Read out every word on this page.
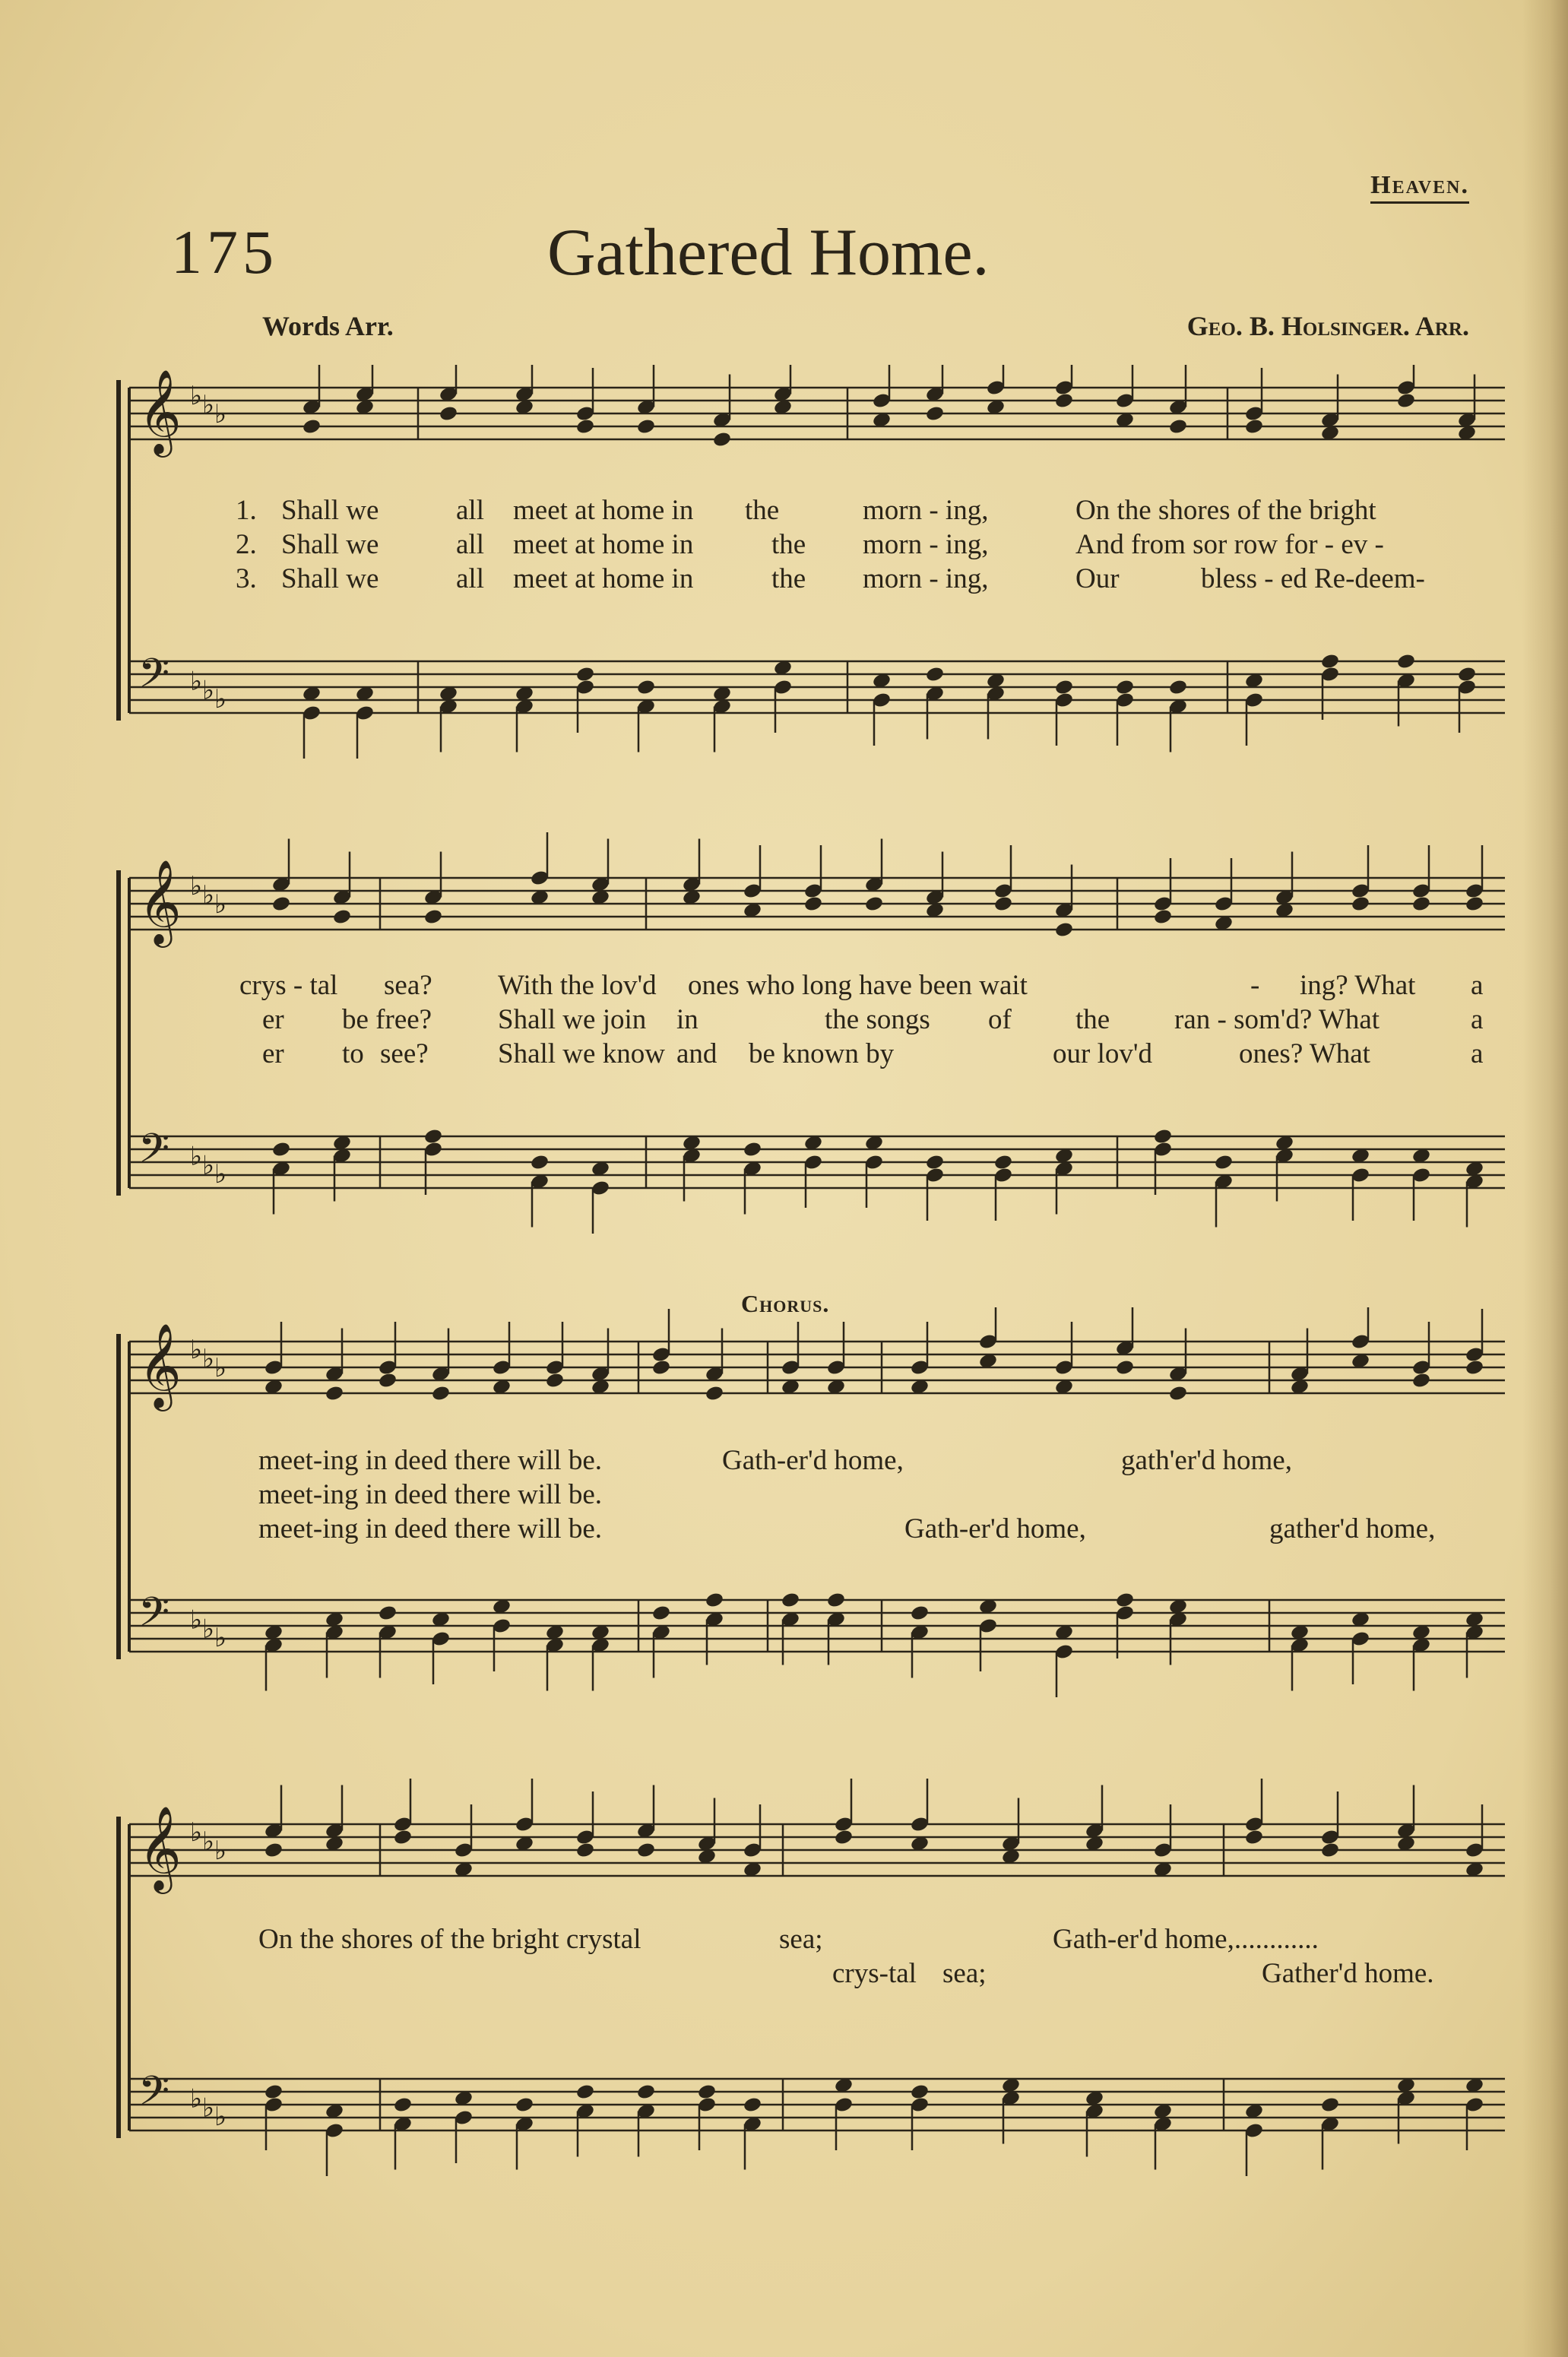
Heaven.
175	Gathered Home.
Words Arr.	Geo. B. Holsinger. Arr.
Chorus.
𝄞
𝄢
♭
♭
♭
♭
♭
♭
1. Shall we	all meet at home in the	morn - ing,	On the shores of the bright
2. Shall we	all meet at home in	the morn - ing,	And from sor row for - ev -
3. Shall we	all meet at home in	the morn - ing,	Our	bless - ed Re-deem-
𝄞
𝄢
♭
♭
♭
♭
♭
♭
crys - tal sea? With the lov'd ones who long have been wait	- ing? What a
er be free? Shall we join in	the songs of the ran - som'd? What	a
er to see? Shall we know and be known by	our lov'd	ones? What	a
𝄞
𝄢
♭
♭
♭
♭
♭
♭
meet-ing in deed there will be.	Gath-er'd home,	gath'er'd home,
meet-ing in deed there will be.
meet-ing in deed there will be.	Gath-er'd home,	gather'd home,
𝄞
𝄢
♭
♭
♭
♭
♭
♭
On the shores of the bright crystal	sea;	Gath-er'd home,............
crys-tal sea;	Gather'd home.
